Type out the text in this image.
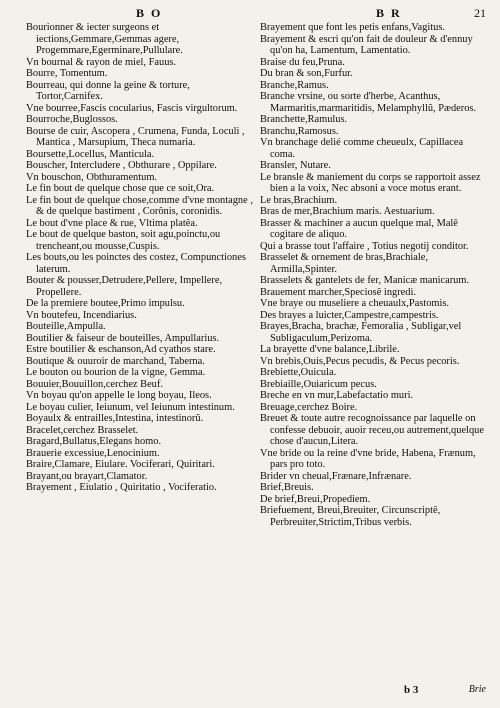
B O	B R	21

Bourionner & iecter surgeons et iections,Gemmare,Gemmas agere, Progemmare,Egerminare,Pullulare.

Vn bournal & rayon de miel, Fauus.

Bourre, Tomentum.

Bourreau, qui donne la geine & torture, Tortor,Carnifex.

Vne bourree,Fascis cocularius, Fascis virgultorum.

Bourroche,Buglossos.

Bourse de cuir, Ascopera , Crumena, Funda, Loculi , Mantica , Marsupium, Theca numaria.

Boursette,Locellus, Manticula.

Bouscher, Intercludere , Obthurare , Oppilare.

Vn bouschon, Obthuramentum.

Le fin bout de quelque chose que ce soit,Ora.

Le fin bout de quelque chose,comme d'vne montagne , & de quelque bastiment , Corônis, coronidis.

Le bout d'vne place & rue, Vltima platêa.

Le bout de quelque baston, soit agu,poinctu,ou trencheant,ou mousse,Cuspis.

Les bouts,ou les poinctes des costez, Compunctiones laterum.

Bouter & pousser,Detrudere,Pellere, Impellere, Propellere.

De la premiere boutee,Primo impulsu.

Vn boutefeu, Incendiarius.

Bouteille,Ampulla.

Boutilier & faiseur de bouteilles, Ampullarius.

Estre boutilier & eschanson,Ad cyathos stare.

Boutique & ouuroir de marchand, Taberna.

Le bouton ou bourion de la vigne, Gemma.

Bouuier,Bouuillon,cerchez Beuf.

Vn boyau qu'on appelle le long boyau, Ileos.

Le boyau culier, Ieiunum, vel Ieiunum intestinum.

Boyaulx & entrailles,Intestina, intestinorũ.

Bracelet,cerchez Brasselet.

Bragard,Bullatus,Elegans homo.

Brauerie excessiue,Lenocinium.

Braire,Clamare, Eiulare. Vociferari, Quiritari.

Brayant,ou brayart,Clamator.

Brayement , Eiulatio , Quiritatio , Vociferatio.

Brayement que font les petis enfans,Vagitus.

Brayement & escri qu'on fait de douleur & d'ennuy qu'on ha, Lamentum, Lamentatio.

Braise du feu,Pruna.

Du bran & son,Furfur.

Branche,Ramus.

Branche vrsine, ou sorte d'herbe, Acanthus, Marmaritis,marmaritidis, Melamphyllũ, Pæderos.

Branchette,Ramulus.

Branchu,Ramosus.

Vn branchage delié comme cheueulx, Capillacea coma.

Bransler, Nutare.

Le bransle & maniement du corps se rapportoit assez bien a la voix, Nec absoni a voce motus erant.

Le bras,Brachium.

Bras de mer,Brachium maris. Aestuarium.

Brasser & machiner a aucun quelque mal, Malê cogitare de aliquo.

Qui a brasse tout l'affaire , Totius negotij conditor.

Brasselet & ornement de bras,Brachiale, Armilla,Spinter.

Brasselets & gantelets de fer, Manicæ manicarum.

Brauement marcher,Speciosê ingredi.

Vne braye ou museliere a cheuaulx,Pastomis.

Des brayes a luicter,Campestre,campestris.

Brayes,Bracha, brachæ, Femoralia , Subligar,vel Subligaculum,Perizoma.

La brayette d'vne balance,Librile.

Vn brebis,Ouis,Pecus pecudis, & Pecus pecoris.

Brebiette,Ouicula.

Brebiaille,Ouiaricum pecus.

Breche en vn mur,Labefactatio muri.

Breuage,cerchez Boire.

Breuet & toute autre recognoissance par laquelle on confesse debuoir, auoir receu,ou autrement,quelque chose d'aucun,Litera.

Vne bride ou la reine d'vne bride, Habena, Frænum, pars pro toto.

Brider vn cheual,Frænare,Infrænare.

Brief,Breuis.

De brief,Breui,Propediem.

Briefuement, Breui,Breuiter, Circunscriptê, Perbreuiter,Strictim,Tribus verbis.

b 3	Brie
